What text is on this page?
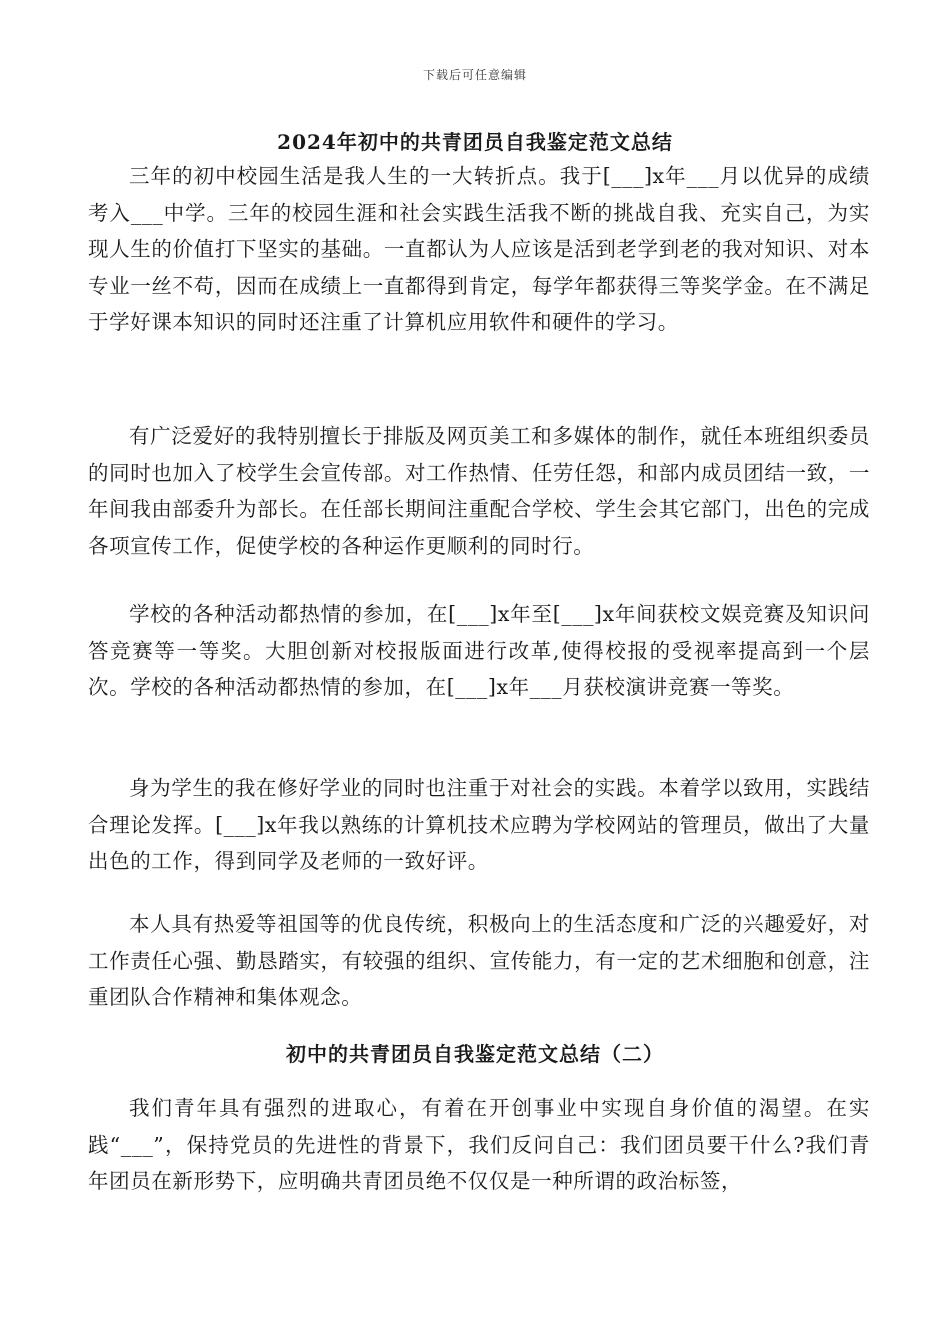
下载后可任意编辑
2024年初中的共青团员自我鉴定范文总结
三年的初中校园生活是我人生的一大转折点。我于[___]x年___月以优异的成绩考入___中学。三年的校园生涯和社会实践生活我不断的挑战自我、充实自己，为实现人生的价值打下坚实的基础。一直都认为人应该是活到老学到老的我对知识、对本专业一丝不苟，因而在成绩上一直都得到肯定，每学年都获得三等奖学金。在不满足于学好课本知识的同时还注重了计算机应用软件和硬件的学习。
有广泛爱好的我特别擅长于排版及网页美工和多媒体的制作，就任本班组织委员的同时也加入了校学生会宣传部。对工作热情、任劳任怨，和部内成员团结一致，一年间我由部委升为部长。在任部长期间注重配合学校、学生会其它部门，出色的完成各项宣传工作，促使学校的各种运作更顺利的同时行。
学校的各种活动都热情的参加，在[___]x年至[___]x年间获校文娱竞赛及知识问答竞赛等一等奖。大胆创新对校报版面进行改革,使得校报的受视率提高到一个层次。学校的各种活动都热情的参加，在[___]x年___月获校演讲竞赛一等奖。
身为学生的我在修好学业的同时也注重于对社会的实践。本着学以致用，实践结合理论发挥。[___]x年我以熟练的计算机技术应聘为学校网站的管理员，做出了大量出色的工作，得到同学及老师的一致好评。
本人具有热爱等祖国等的优良传统，积极向上的生活态度和广泛的兴趣爱好，对工作责任心强、勤恳踏实，有较强的组织、宣传能力，有一定的艺术细胞和创意，注重团队合作精神和集体观念。
初中的共青团员自我鉴定范文总结（二）
我们青年具有强烈的进取心，有着在开创事业中实现自身价值的渴望。在实践“___”，保持党员的先进性的背景下，我们反问自己：我们团员要干什么?我们青年团员在新形势下，应明确共青团员绝不仅仅是一种所谓的政治标签，
